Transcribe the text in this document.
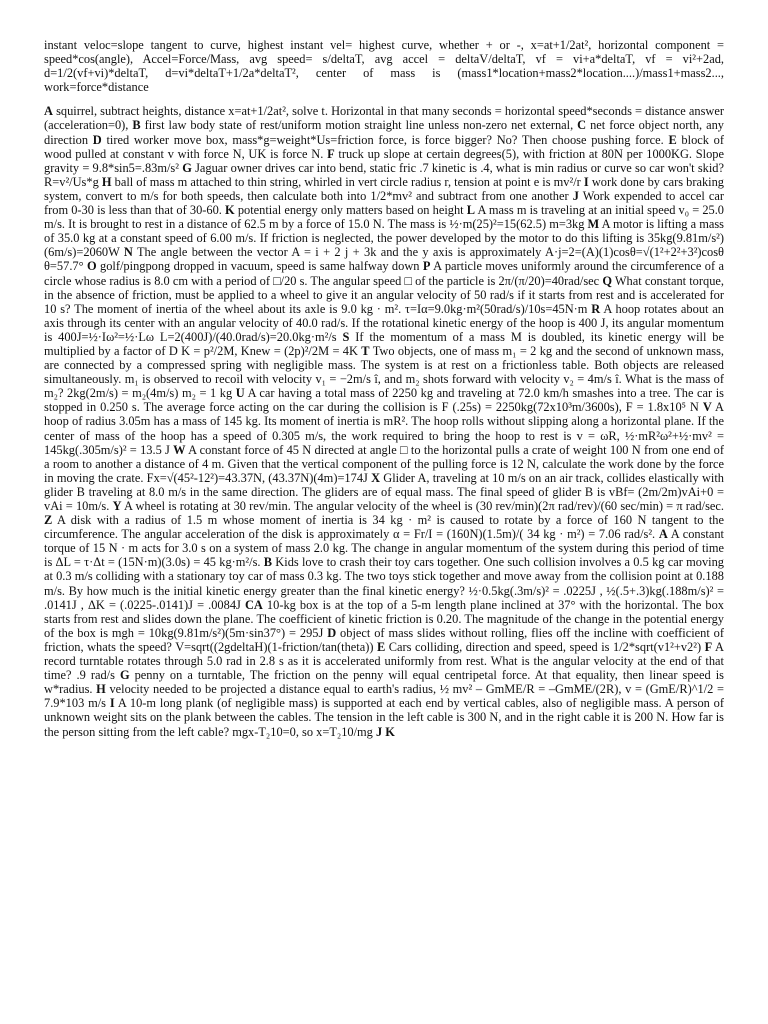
instant veloc=slope tangent to curve, highest instant vel= highest curve, whether + or -, x=at+1/2at², horizontal component = speed*cos(angle), Accel=Force/Mass, avg speed= s/deltaT, avg accel = deltaV/deltaT, vf = vi+a*deltaT, vf = vi²+2ad, d=1/2(vf+vi)*deltaT, d=vi*deltaT+1/2a*deltaT², center of mass is (mass1*location+mass2*location....)/mass1+mass2..., work=force*distance

A squirrel, subtract heights, distance x=at+1/2at², solve t. Horizontal in that many seconds = horizontal speed*seconds = distance answer (acceleration=0), B first law body state of rest/uniform motion straight line unless non-zero net external, C net force object north, any direction D tired worker move box, mass*g=weight*Us=friction force, is force bigger? No? Then choose pushing force. E block of wood pulled at constant v with force N, UK is force N. F truck up slope at certain degrees(5), with friction at 80N per 1000KG. Slope gravity = 9.8*sin5=.83m/s² G Jaguar owner drives car into bend, static fric .7 kinetic is .4, what is min radius or curve so car won't skid? R=v²/Us*g H ball of mass m attached to thin string, whirled in vert circle radius r, tension at point e is mv²/r I work done by cars braking system, convert to m/s for both speeds, then calculate both into 1/2*mv² and subtract from one another J Work expended to accel car from 0-30 is less than that of 30-60. K potential energy only matters based on height L A mass m is traveling at an initial speed v₀ = 25.0 m/s. It is brought to rest in a distance of 62.5 m by a force of 15.0 N. The mass is ½·m(25)²=15(62.5) m=3kg M A motor is lifting a mass of 35.0 kg at a constant speed of 6.00 m/s. If friction is neglected, the power developed by the motor to do this lifting is 35kg(9.81m/s²)(6m/s)=2060W N The angle between the vector A = i + 2 j + 3k and the y axis is approximately A·j=2=(A)(1)cosθ=√(1²+2²+3²)cosθ θ=57.7° O golf/pingpong dropped in vacuum, speed is same halfway down P A particle moves uniformly around the circumference of a circle whose radius is 8.0 cm with a period of □/20 s. The angular speed □ of the particle is 2π/(π/20)=40rad/sec Q What constant torque, in the absence of friction, must be applied to a wheel to give it an angular velocity of 50 rad/s if it starts from rest and is accelerated for 10 s? The moment of inertia of the wheel about its axle is 9.0 kg · m². τ=Iα=9.0kg·m²(50rad/s)/10s=45N·m R A hoop rotates about an axis through its center with an angular velocity of 40.0 rad/s. If the rotational kinetic energy of the hoop is 400 J, its angular momentum is 400J=½·Iω²=½·Lω L=2(400J)/(40.0rad/s)=20.0kg·m²/s S If the momentum of a mass M is doubled, its kinetic energy will be multiplied by a factor of D K = p²/2M, Knew = (2p)²/2M = 4K T Two objects, one of mass m₁ = 2 kg and the second of unknown mass, are connected by a compressed spring with negligible mass. The system is at rest on a frictionless table. Both objects are released simultaneously. m₁ is observed to recoil with velocity v₁ = −2m/s î, and m₂ shots forward with velocity v₂ = 4m/s î. What is the mass of m₂? 2kg(2m/s) = m₂(4m/s) m₂ = 1 kg U A car having a total mass of 2250 kg and traveling at 72.0 km/h smashes into a tree. The car is stopped in 0.250 s. The average force acting on the car during the collision is F (.25s) = 2250kg(72x10³m/3600s), F = 1.8x10⁵ N V A hoop of radius 3.05m has a mass of 145 kg. Its moment of inertia is mR². The hoop rolls without slipping along a horizontal plane. If the center of mass of the hoop has a speed of 0.305 m/s, the work required to bring the hoop to rest is v = ωR, ½·mR²ω²+½·mv² = 145kg(.305m/s)² = 13.5 J W A constant force of 45 N directed at angle □ to the horizontal pulls a crate of weight 100 N from one end of a room to another a distance of 4 m. Given that the vertical component of the pulling force is 12 N, calculate the work done by the force in moving the crate. Fx=√(45²-12²)=43.37N, (43.37N)(4m)=174J X Glider A, traveling at 10 m/s on an air track, collides elastically with glider B traveling at 8.0 m/s in the same direction. The gliders are of equal mass. The final speed of glider B is vBf= (2m/2m)vAi+0 = vAi = 10m/s. Y A wheel is rotating at 30 rev/min. The angular velocity of the wheel is (30 rev/min)(2π rad/rev)/(60 sec/min) = π rad/sec. Z A disk with a radius of 1.5 m whose moment of inertia is 34 kg · m² is caused to rotate by a force of 160 N tangent to the circumference. The angular acceleration of the disk is approximately α = Fr/I = (160N)(1.5m)/( 34 kg · m²) = 7.06 rad/s². A A constant torque of 15 N · m acts for 3.0 s on a system of mass 2.0 kg. The change in angular momentum of the system during this period of time is ΔL = τ·Δt = (15N·m)(3.0s) = 45 kg·m²/s. B Kids love to crash their toy cars together. One such collision involves a 0.5 kg car moving at 0.3 m/s colliding with a stationary toy car of mass 0.3 kg. The two toys stick together and move away from the collision point at 0.188 m/s. By how much is the initial kinetic energy greater than the final kinetic energy? ½·0.5kg(.3m/s)² = .0225J , ½(.5+.3)kg(.188m/s)² = .0141J , ΔK = (.0225-.0141)J = .0084J CA 10-kg box is at the top of a 5-m length plane inclined at 37° with the horizontal. The box starts from rest and slides down the plane. The coefficient of kinetic friction is 0.20. The magnitude of the change in the potential energy of the box is mgh = 10kg(9.81m/s²)(5m·sin37°) = 295J D object of mass slides without rolling, flies off the incline with coefficient of friction, whats the speed? V=sqrt((2gdeltaH)(1-friction/tan(theta)) E Cars colliding, direction and speed, speed is 1/2*sqrt(v1²+v2²) F A record turntable rotates through 5.0 rad in 2.8 s as it is accelerated uniformly from rest. What is the angular velocity at the end of that time? .9 rad/s G penny on a turntable, The friction on the penny will equal centripetal force. At that equality, then linear speed is w*radius. H velocity needed to be projected a distance equal to earth's radius, ½ mv² – GmME/R = –GmME/(2R), v = (GmE/R)^1/2 = 7.9*103 m/s I A 10-m long plank (of negligible mass) is supported at each end by vertical cables, also of negligible mass. A person of unknown weight sits on the plank between the cables. The tension in the left cable is 300 N, and in the right cable it is 200 N. How far is the person sitting from the left cable? mgx-T₂10=0, so x=T₂10/mg J K
